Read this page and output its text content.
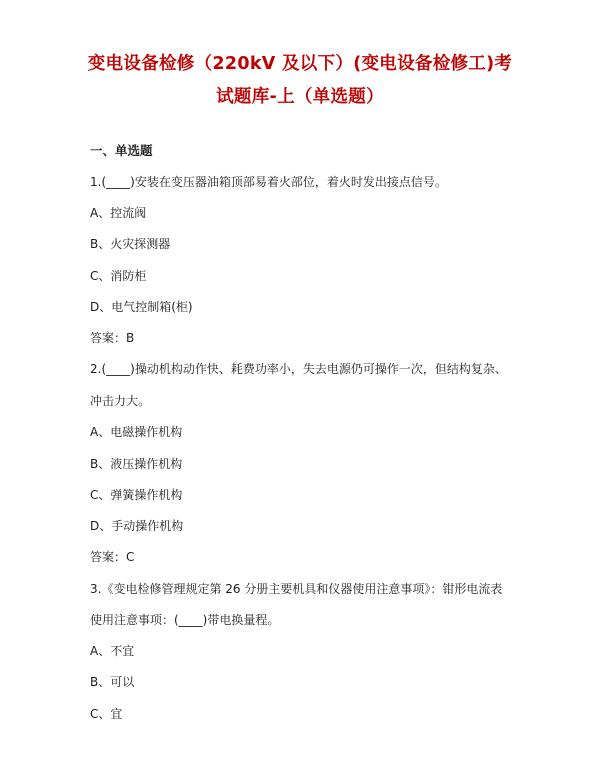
变电设备检修（220kV 及以下）(变电设备检修工)考
试题库-上（单选题）
一、单选题
1.(____)安装在变压器油箱顶部易着火部位，着火时发出接点信号。
A、控流阀
B、火灾探测器
C、消防柜
D、电气控制箱(柜)
答案：B
2.(____)操动机构动作快、耗费功率小，失去电源仍可操作一次，但结构复杂、
冲击力大。
A、电磁操作机构
B、液压操作机构
C、弹簧操作机构
D、手动操作机构
答案：C
3.《变电检修管理规定第 26 分册主要机具和仪器使用注意事项》：钳形电流表
使用注意事项：(____)带电换量程。
A、不宜
B、可以
C、宜
